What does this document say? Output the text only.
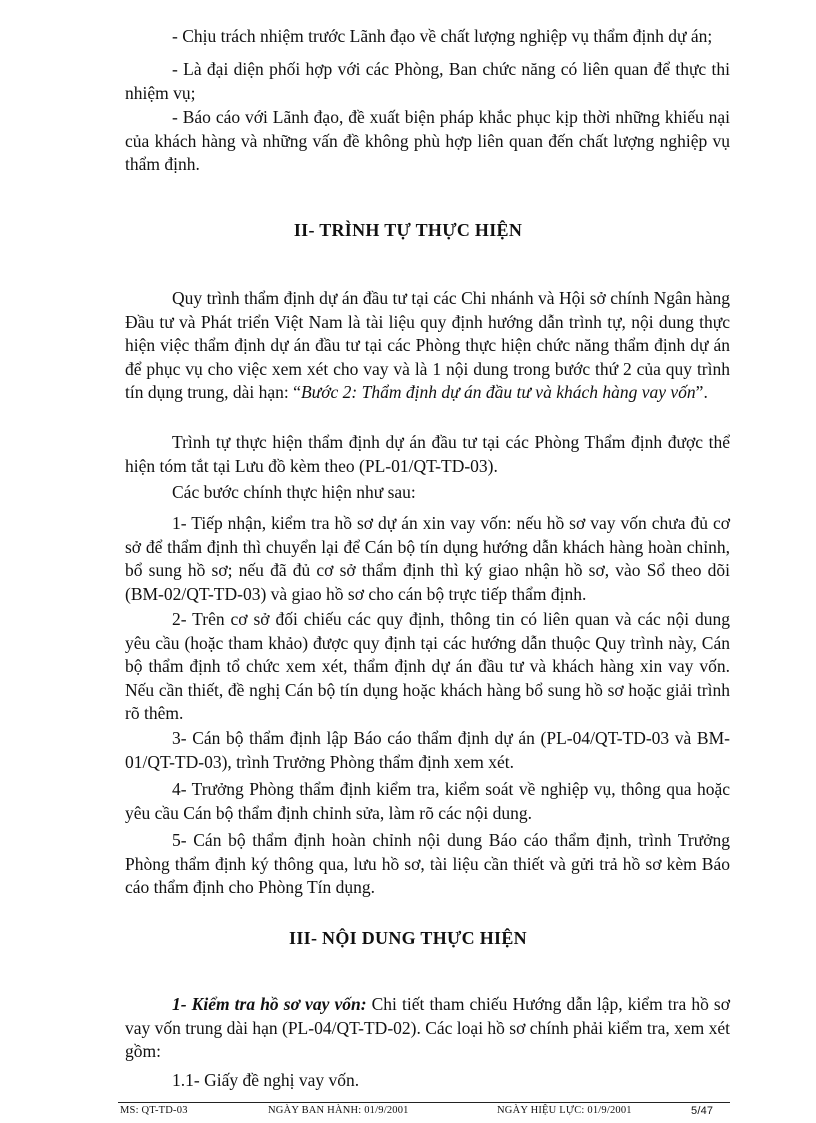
- Chịu trách nhiệm trước Lãnh đạo về chất lượng nghiệp vụ thẩm định dự án;

- Là đại diện phối hợp với các Phòng, Ban chức năng có liên quan để thực thi nhiệm vụ;

- Báo cáo với Lãnh đạo, đề xuất biện pháp khắc phục kịp thời những khiếu nại của khách hàng và những vấn đề không phù hợp liên quan đến chất lượng nghiệp vụ thẩm định.

II- TRÌNH TỰ THỰC HIỆN

Quy trình thẩm định dự án đầu tư tại các Chi nhánh và Hội sở chính Ngân hàng Đầu tư và Phát triển Việt Nam là tài liệu quy định hướng dẫn trình tự, nội dung thực hiện việc thẩm định dự án đầu tư tại các Phòng thực hiện chức năng thẩm định dự án để phục vụ cho việc xem xét cho vay và là 1 nội dung trong bước thứ 2 của quy trình tín dụng trung, dài hạn: “Bước 2: Thẩm định dự án đầu tư và khách hàng vay vốn”.

Trình tự thực hiện thẩm định dự án đầu tư tại các Phòng Thẩm định được thể hiện tóm tắt tại Lưu đồ kèm theo (PL-01/QT-TD-03).

Các bước chính thực hiện như sau:

1- Tiếp nhận, kiểm tra hồ sơ dự án xin vay vốn: nếu hồ sơ vay vốn chưa đủ cơ sở để thẩm định thì chuyển lại để Cán bộ tín dụng hướng dẫn khách hàng hoàn chỉnh, bổ sung hồ sơ; nếu đã đủ cơ sở thẩm định thì ký giao nhận hồ sơ, vào Sổ theo dõi (BM-02/QT-TD-03) và giao hồ sơ cho cán bộ trực tiếp thẩm định.

2- Trên cơ sở đối chiếu các quy định, thông tin có liên quan và các nội dung yêu cầu (hoặc tham khảo) được quy định tại các hướng dẫn thuộc Quy trình này, Cán bộ thẩm định tổ chức xem xét, thẩm định dự án đầu tư và khách hàng xin vay vốn. Nếu cần thiết, đề nghị Cán bộ tín dụng hoặc khách hàng bổ sung hồ sơ hoặc giải trình rõ thêm.

3- Cán bộ thẩm định lập Báo cáo thẩm định dự án (PL-04/QT-TD-03 và BM-01/QT-TD-03), trình Trưởng Phòng thẩm định xem xét.

4- Trưởng Phòng thẩm định kiểm tra, kiểm soát về nghiệp vụ, thông qua hoặc yêu cầu Cán bộ thẩm định chỉnh sửa, làm rõ các nội dung.

5- Cán bộ thẩm định hoàn chỉnh nội dung Báo cáo thẩm định, trình Trưởng Phòng thẩm định ký thông qua, lưu hồ sơ, tài liệu cần thiết và gửi trả hồ sơ kèm Báo cáo thẩm định cho Phòng Tín dụng.

III- NỘI DUNG THỰC HIỆN

1- Kiểm tra hồ sơ vay vốn: Chi tiết tham chiếu Hướng dẫn lập, kiểm tra hồ sơ vay vốn trung dài hạn (PL-04/QT-TD-02). Các loại hồ sơ chính phải kiểm tra, xem xét gồm:

1.1- Giấy đề nghị vay vốn.

MS: QT-TD-03	NGÀY BAN HÀNH: 01/9/2001	NGÀY HIỆU LỰC: 01/9/2001	5/47
